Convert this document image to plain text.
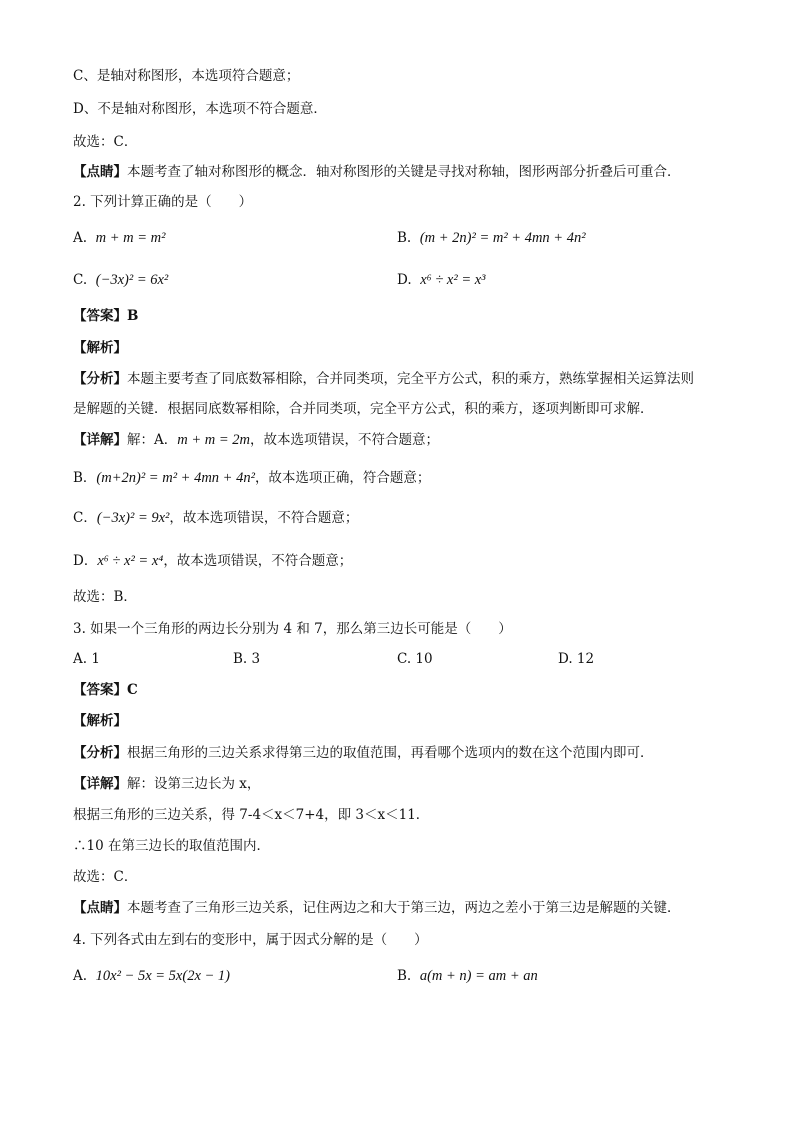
C、是轴对称图形，本选项符合题意；
D、不是轴对称图形，本选项不符合题意．
故选：C．
【点睛】本题考查了轴对称图形的概念．轴对称图形的关键是寻找对称轴，图形两部分折叠后可重合．
2. 下列计算正确的是（　　）
A. m + m = m²	B. (m + 2n)² = m² + 4mn + 4n²
C. (−3x)² = 6x²	D. x⁶ ÷ x² = x³
【答案】B
【解析】
【分析】本题主要考查了同底数幂相除，合并同类项，完全平方公式，积的乘方，熟练掌握相关运算法则
是解题的关键．根据同底数幂相除，合并同类项，完全平方公式，积的乘方，逐项判断即可求解．
【详解】解：A．m + m = 2m，故本选项错误，不符合题意；
B．(m+2n)² = m² + 4mn + 4n²，故本选项正确，符合题意；
C．(−3x)² = 9x²，故本选项错误，不符合题意；
D．x⁶ ÷ x² = x⁴，故本选项错误，不符合题意；
故选：B．
3. 如果一个三角形的两边长分别为 4 和 7，那么第三边长可能是（　　）
A. 1	B. 3	C. 10	D. 12
【答案】C
【解析】
【分析】根据三角形的三边关系求得第三边的取值范围，再看哪个选项内的数在这个范围内即可．
【详解】解：设第三边长为 x，
根据三角形的三边关系，得 7-4＜x＜7+4，即 3＜x＜11．
∴10 在第三边长的取值范围内．
故选：C．
【点睛】本题考查了三角形三边关系，记住两边之和大于第三边，两边之差小于第三边是解题的关键．
4. 下列各式由左到右的变形中，属于因式分解的是（　　）
A. 10x² − 5x = 5x(2x − 1)	B. a(m + n) = am + an
